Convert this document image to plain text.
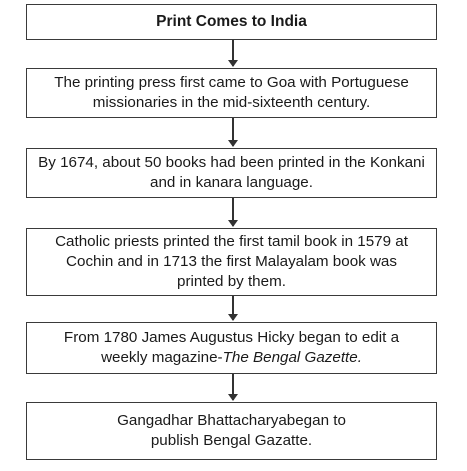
Print Comes to India
The printing press first came to Goa with Portuguese missionaries in the mid-sixteenth century.
By 1674, about 50 books had been printed in the Konkani and in kanara language.
Catholic priests printed the first tamil book in 1579 at Cochin and in 1713 the first Malayalam book was printed by them.
From 1780 James Augustus Hicky began to edit a weekly magazine-The Bengal Gazette.
Gangadhar Bhattacharyabegan to publish Bengal Gazatte.
